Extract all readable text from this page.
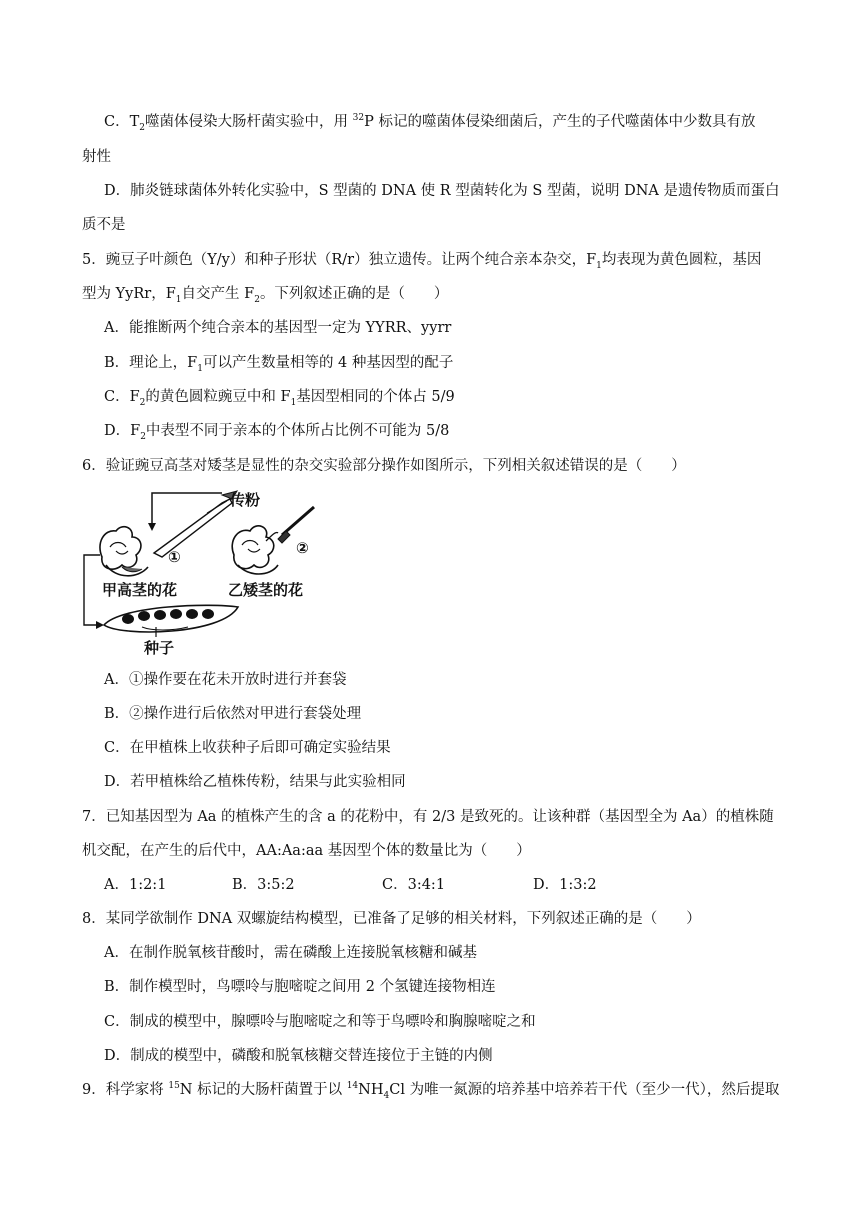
C．$T_2$噬菌体侵染大肠杆菌实验中，用 $^{32}$P 标记的噬菌体侵染细菌后，产生的子代噬菌体中少数具有放
射性
D．肺炎链球菌体外转化实验中，S 型菌的 DNA 使 R 型菌转化为 S 型菌，说明 DNA 是遗传物质而蛋白
质不是
5．豌豆子叶颜色（Y/y）和种子形状（R/r）独立遗传。让两个纯合亲本杂交，$F_1$均表现为黄色圆粒，基因
型为 YyRr，$F_1$自交产生 $F_2$。下列叙述正确的是（　　）
A．能推断两个纯合亲本的基因型一定为 YYRR、yyrr
B．理论上，$F_1$可以产生数量相等的 4 种基因型的配子
C．$F_2$的黄色圆粒豌豆中和 $F_1$基因型相同的个体占 5/9
D．$F_2$中表型不同于亲本的个体所占比例不可能为 5/8
6．验证豌豆高茎对矮茎是显性的杂交实验部分操作如图所示，下列相关叙述错误的是（　　）
①	②
传粉
甲高茎的花	乙矮茎的花
种子
A．①操作要在花未开放时进行并套袋
B．②操作进行后依然对甲进行套袋处理
C．在甲植株上收获种子后即可确定实验结果
D．若甲植株给乙植株传粉，结果与此实验相同
7．已知基因型为 Aa 的植株产生的含 a 的花粉中，有 2/3 是致死的。让该种群（基因型全为 Aa）的植株随
机交配，在产生的后代中，AA:Aa:aa 基因型个体的数量比为（　　）
A．1:2:1	B．3:5:2	C．3:4:1	D．1:3:2
8．某同学欲制作 DNA 双螺旋结构模型，已准备了足够的相关材料，下列叙述正确的是（　　）
A．在制作脱氧核苷酸时，需在磷酸上连接脱氧核糖和碱基
B．制作模型时，鸟嘌呤与胞嘧啶之间用 2 个氢键连接物相连
C．制成的模型中，腺嘌呤与胞嘧啶之和等于鸟嘌呤和胸腺嘧啶之和
D．制成的模型中，磷酸和脱氧核糖交替连接位于主链的内侧
9．科学家将 $^{15}$N 标记的大肠杆菌置于以 $^{14}NH_4Cl$ 为唯一氮源的培养基中培养若干代（至少一代），然后提取
